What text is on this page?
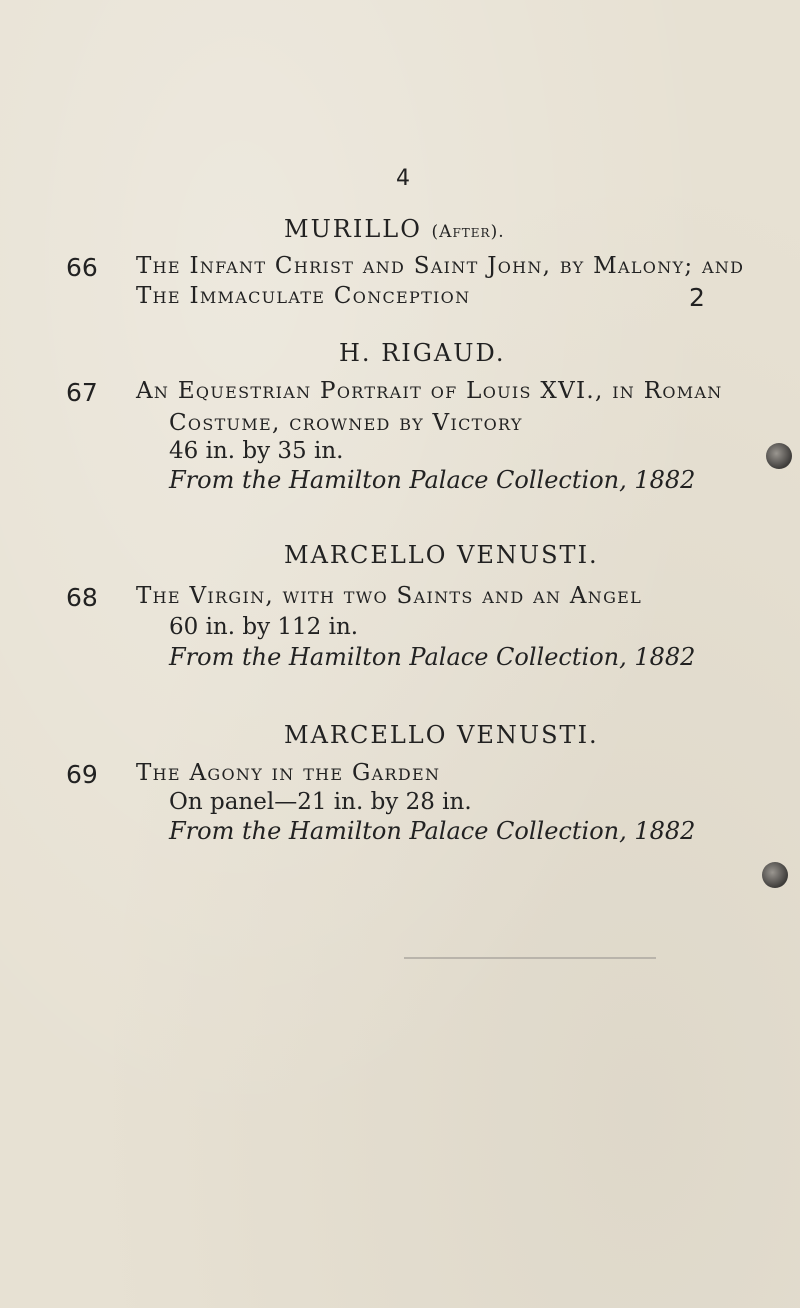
4
MURILLO (After).
66 The Infant Christ and Saint John, by Malony; and
The Immaculate Conception	2
H. RIGAUD.
67 An Equestrian Portrait of Louis XVI., in Roman
Costume, crowned by Victory
46 in. by 35 in.
From the Hamilton Palace Collection, 1882
MARCELLO VENUSTI.
68 The Virgin, with two Saints and an Angel
60 in. by 112 in.
From the Hamilton Palace Collection, 1882
MARCELLO VENUSTI.
69 The Agony in the Garden
On panel—21 in. by 28 in.
From the Hamilton Palace Collection, 1882
